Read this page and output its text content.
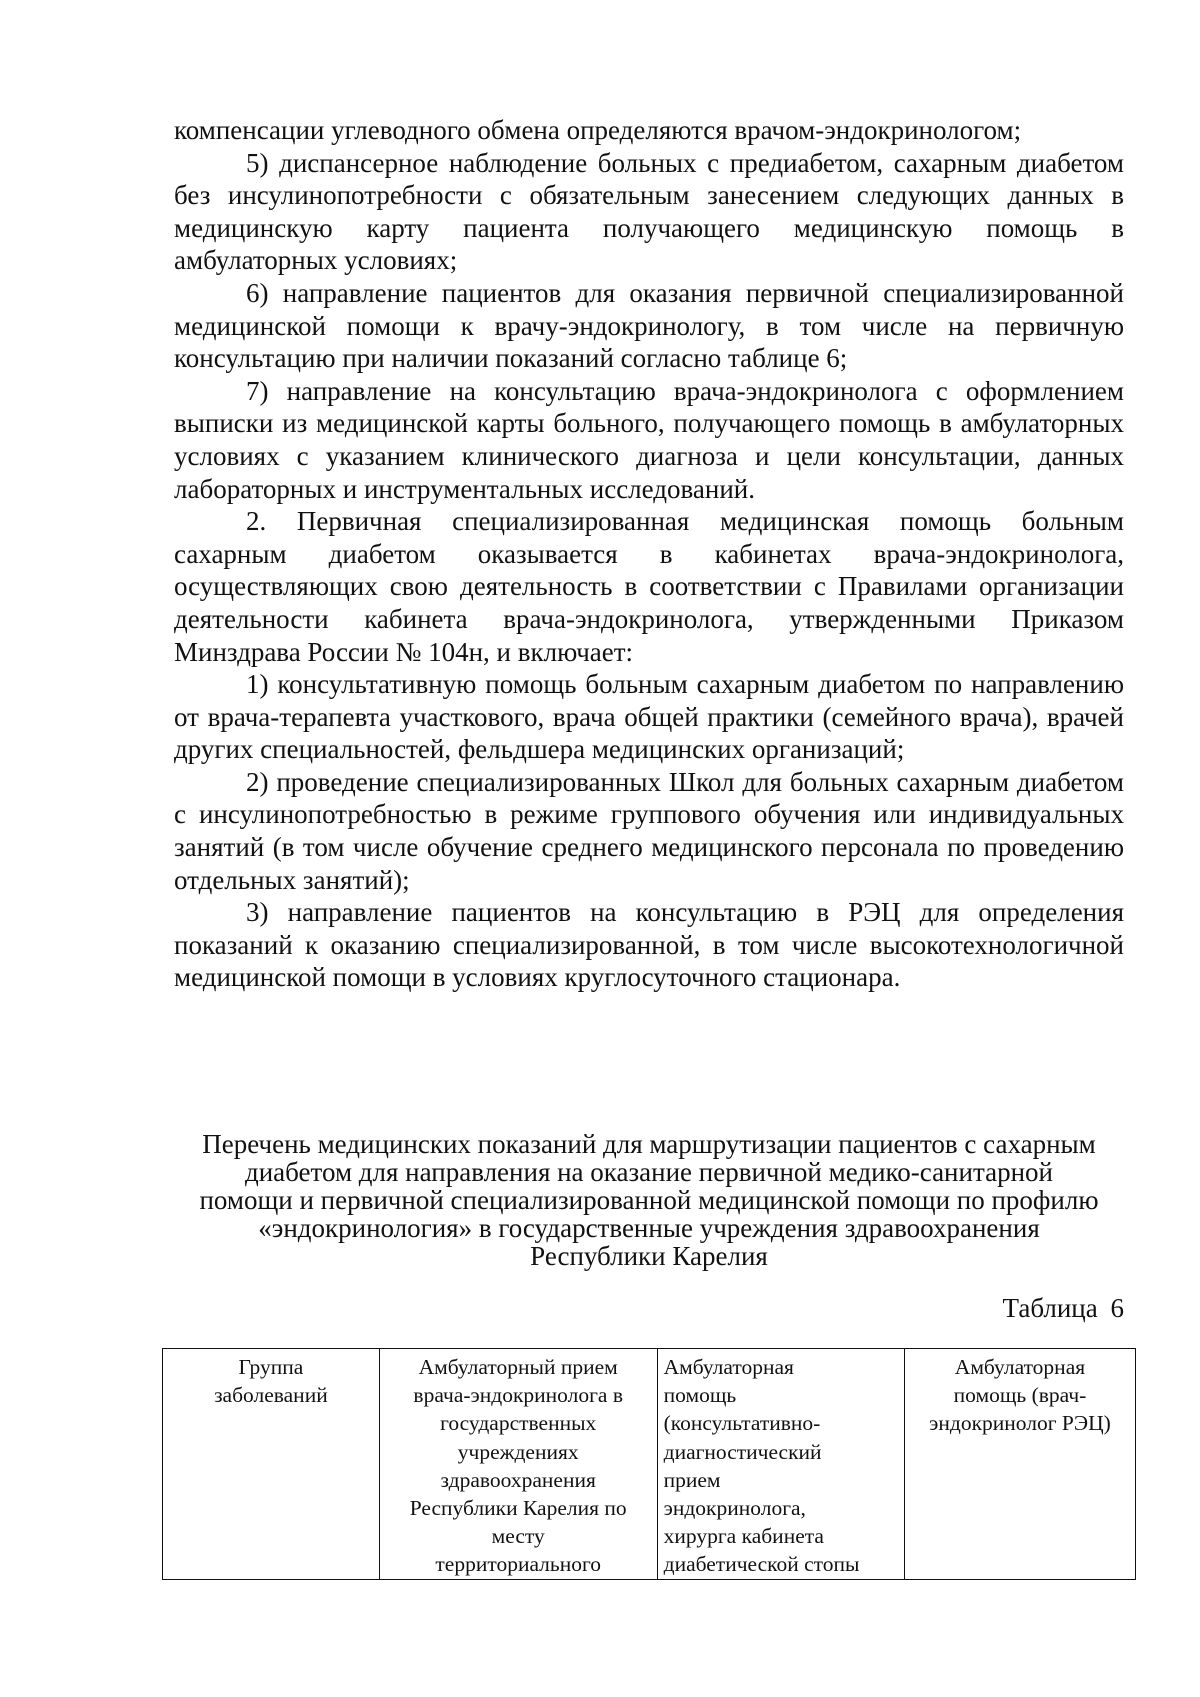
компенсации углеводного обмена определяются врачом-эндокринологом;

5) диспансерное наблюдение больных с предиабетом, сахарным диабетом без инсулинопотребности с обязательным занесением следующих данных в медицинскую карту пациента получающего медицинскую помощь в амбулаторных условиях;

6) направление пациентов для оказания первичной специализированной медицинской помощи к врачу-эндокринологу, в том числе на первичную консультацию при наличии показаний согласно таблице 6;

7) направление на консультацию врача-эндокринолога с оформлением выписки из медицинской карты больного, получающего помощь в амбулаторных условиях с указанием клинического диагноза и цели консультации, данных лабораторных и инструментальных исследований.

2. Первичная специализированная медицинская помощь больным сахарным диабетом оказывается в кабинетах врача-эндокринолога, осуществляющих свою деятельность в соответствии с Правилами организации деятельности кабинета врача-эндокринолога, утвержденными Приказом Минздрава России № 104н, и включает:

1) консультативную помощь больным сахарным диабетом по направлению от врача-терапевта участкового, врача общей практики (семейного врача), врачей других специальностей, фельдшера медицинских организаций;

2) проведение специализированных Школ для больных сахарным диабетом с инсулинопотребностью в режиме группового обучения или индивидуальных занятий (в том числе обучение среднего медицинского персонала по проведению отдельных занятий);

3) направление пациентов на консультацию в РЭЦ для определения показаний к оказанию специализированной, в том числе высокотехнологичной медицинской помощи в условиях круглосуточного стационара.

Перечень медицинских показаний для маршрутизации пациентов с сахарным
диабетом для направления на оказание первичной медико-санитарной
помощи и первичной специализированной медицинской помощи по профилю
«эндокринология» в государственные учреждения здравоохранения
Республики Карелия
Таблица 6
Группа
заболеваний

Амбулаторный прием
врача-эндокринолога в
государственных
учреждениях
здравоохранения
Республики Карелия по
месту
территориального

Амбулаторная
помощь
(консультативно-
диагностический
прием
эндокринолога,
хирурга кабинета
диабетической стопы

Амбулаторная
помощь (врач-
эндокринолог РЭЦ)
